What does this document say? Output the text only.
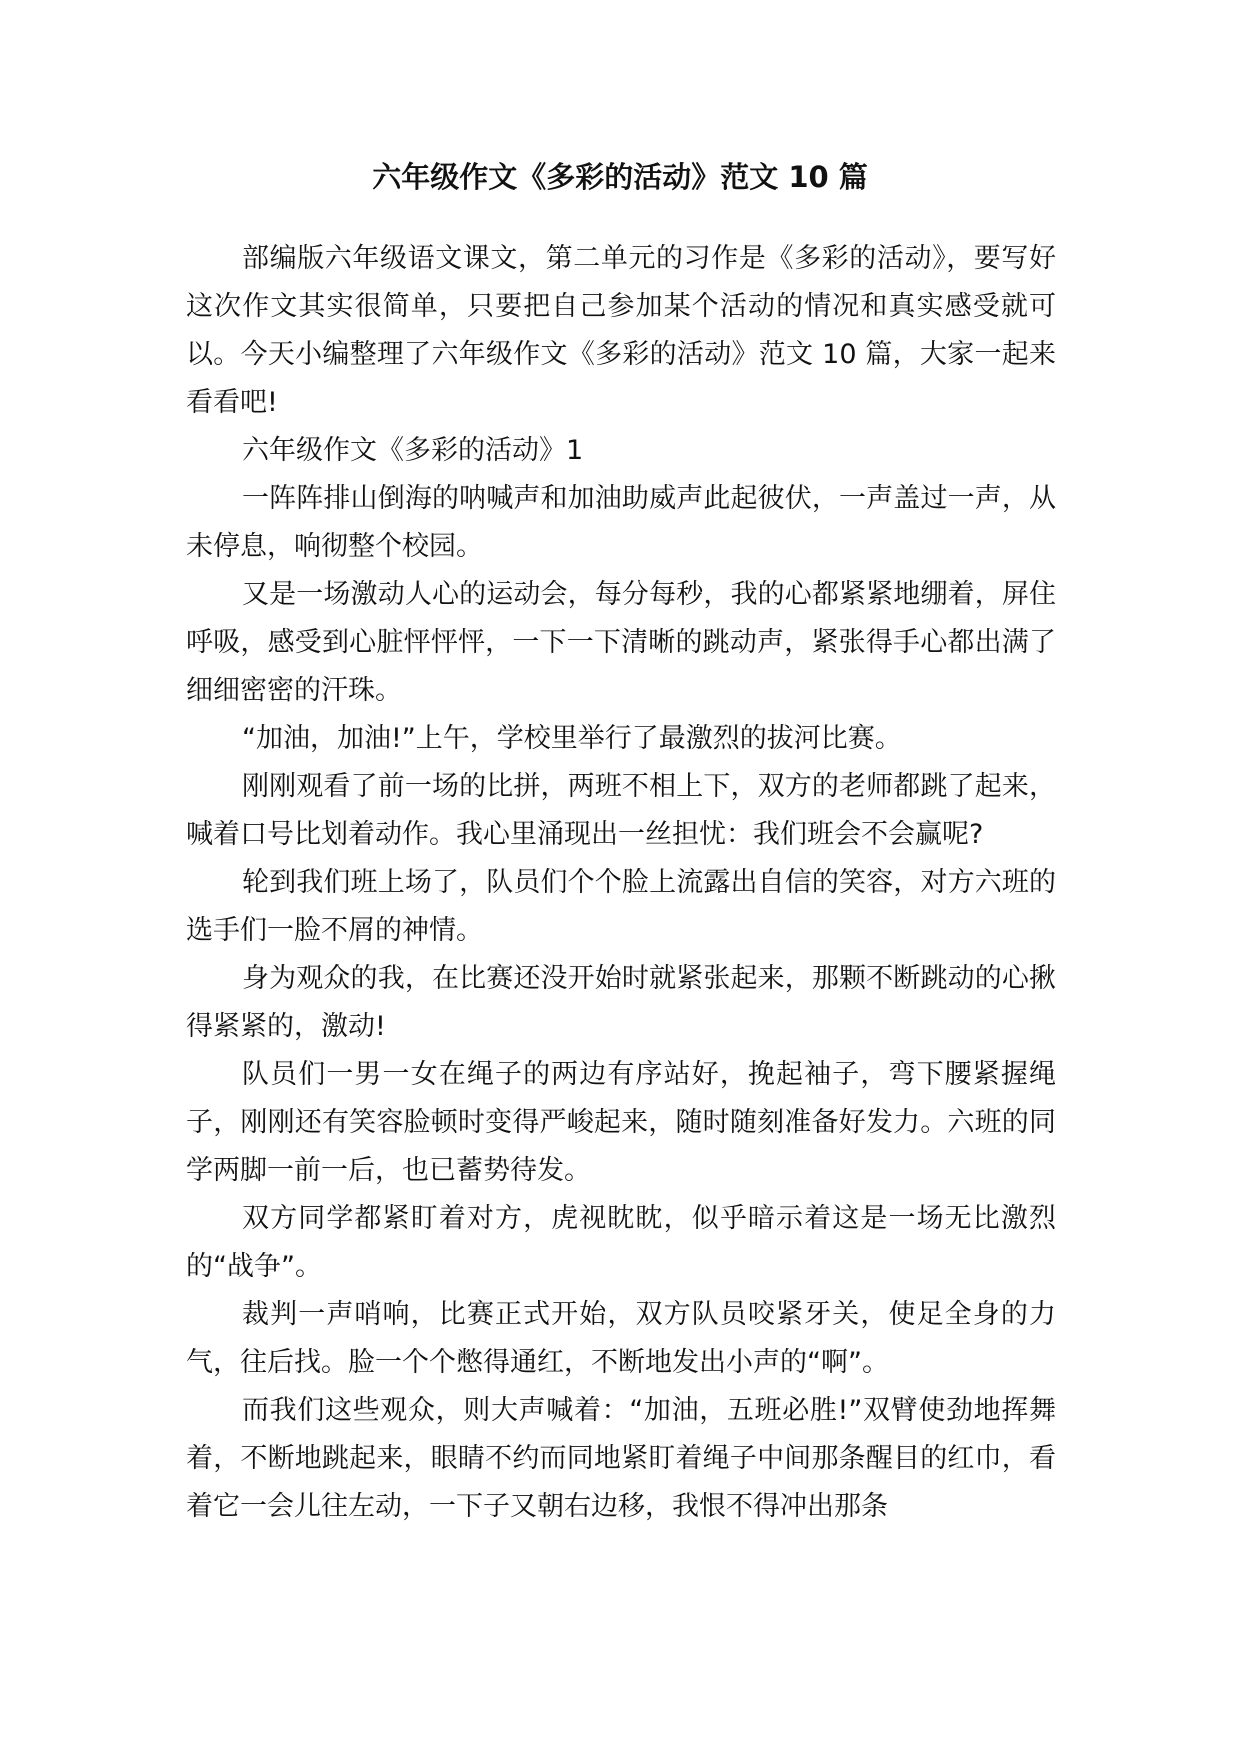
六年级作文《多彩的活动》范文 10 篇

部编版六年级语文课文，第二单元的习作是《多彩的活动》，要写好这次作文其实很简单，只要把自己参加某个活动的情况和真实感受就可以。今天小编整理了六年级作文《多彩的活动》范文 10 篇，大家一起来看看吧!

六年级作文《多彩的活动》1

一阵阵排山倒海的呐喊声和加油助威声此起彼伏，一声盖过一声，从未停息，响彻整个校园。

又是一场激动人心的运动会，每分每秒，我的心都紧紧地绷着，屏住呼吸，感受到心脏怦怦怦，一下一下清晰的跳动声，紧张得手心都出满了细细密密的汗珠。

“加油，加油!”上午，学校里举行了最激烈的拔河比赛。

刚刚观看了前一场的比拼，两班不相上下，双方的老师都跳了起来，喊着口号比划着动作。我心里涌现出一丝担忧：我们班会不会赢呢?

轮到我们班上场了，队员们个个脸上流露出自信的笑容，对方六班的选手们一脸不屑的神情。

身为观众的我，在比赛还没开始时就紧张起来，那颗不断跳动的心揪得紧紧的，激动!

队员们一男一女在绳子的两边有序站好，挽起袖子，弯下腰紧握绳子，刚刚还有笑容脸顿时变得严峻起来，随时随刻准备好发力。六班的同学两脚一前一后，也已蓄势待发。

双方同学都紧盯着对方，虎视眈眈，似乎暗示着这是一场无比激烈的“战争”。

裁判一声哨响，比赛正式开始，双方队员咬紧牙关，使足全身的力气，往后找。脸一个个憋得通红，不断地发出小声的“啊”。

而我们这些观众，则大声喊着：“加油，五班必胜!”双臂使劲地挥舞着，不断地跳起来，眼睛不约而同地紧盯着绳子中间那条醒目的红巾，看着它一会儿往左动，一下子又朝右边移，我恨不得冲出那条
